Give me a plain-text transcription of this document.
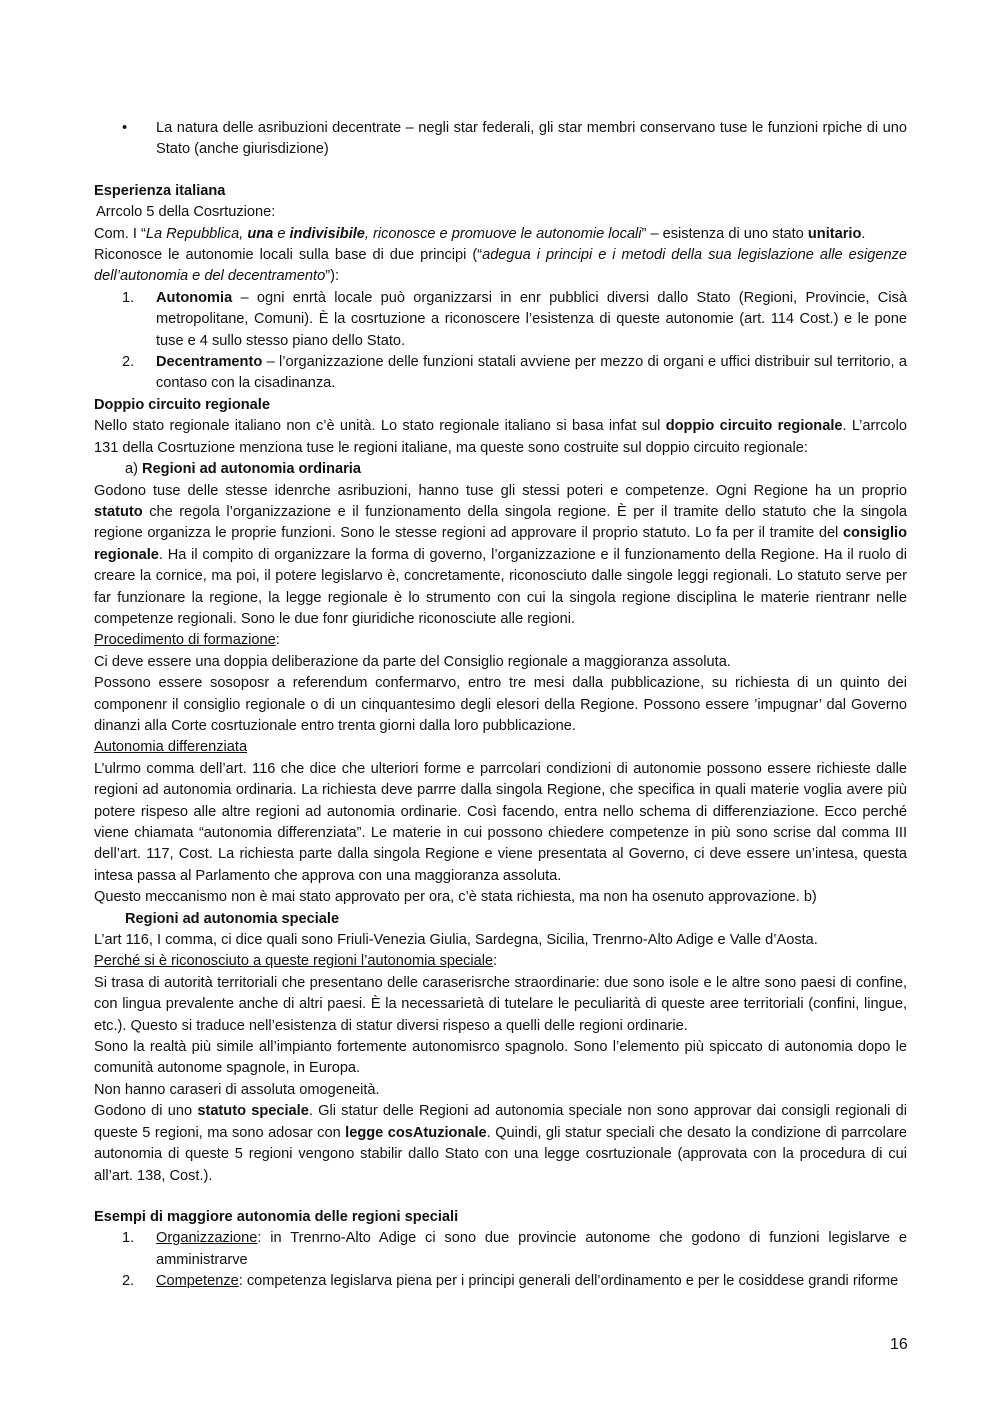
•	La natura delle asribuzioni decentrate – negli star federali, gli star membri conservano tuse le funzioni rpiche di uno Stato (anche giurisdizione)

Esperienza italiana

Arrcolo 5 della Cosrtuzione:

Com. I “La Repubblica, una e indivisibile, riconosce e promuove le autonomie locali” – esistenza di uno stato unitario.

Riconosce le autonomie locali sulla base di due principi (“adegua i principi e i metodi della sua legislazione alle esigenze dell’autonomia e del decentramento”):

1.	Autonomia – ogni enrtà locale può organizzarsi in enr pubblici diversi dallo Stato (Regioni, Provincie, Cisà metropolitane, Comuni). È la cosrtuzione a riconoscere l’esistenza di queste autonomie (art. 114 Cost.) e le pone tuse e 4 sullo stesso piano dello Stato.
2.	Decentramento – l’organizzazione delle funzioni statali avviene per mezzo di organi e uffici distribuir sul territorio, a contaso con la cisadinanza.

Doppio circuito regionale

Nello stato regionale italiano non c’è unità. Lo stato regionale italiano si basa infat sul doppio circuito regionale. L’arrcolo 131 della Cosrtuzione menziona tuse le regioni italiane, ma queste sono costruite sul doppio circuito regionale:

a) Regioni ad autonomia ordinaria

Godono tuse delle stesse idenrche asribuzioni, hanno tuse gli stessi poteri e competenze. Ogni Regione ha un proprio statuto che regola l’organizzazione e il funzionamento della singola regione. È per il tramite dello statuto che la singola regione organizza le proprie funzioni. Sono le stesse regioni ad approvare il proprio statuto. Lo fa per il tramite del consiglio regionale. Ha il compito di organizzare la forma di governo, l’organizzazione e il funzionamento della Regione. Ha il ruolo di creare la cornice, ma poi, il potere legislarvo è, concretamente, riconosciuto dalle singole leggi regionali. Lo statuto serve per far funzionare la regione, la legge regionale è lo strumento con cui la singola regione disciplina le materie rientranr nelle competenze regionali. Sono le due fonr giuridiche riconosciute alle regioni.

Procedimento di formazione:

Ci deve essere una doppia deliberazione da parte del Consiglio regionale a maggioranza assoluta.

Possono essere sosoposr a referendum confermarvo, entro tre mesi dalla pubblicazione, su richiesta di un quinto dei componenr il consiglio regionale o di un cinquantesimo degli elesori della Regione. Possono essere ’impugnar’ dal Governo dinanzi alla Corte cosrtuzionale entro trenta giorni dalla loro pubblicazione.

Autonomia differenziata

L’ulrmo comma dell’art. 116 che dice che ulteriori forme e parrcolari condizioni di autonomie possono essere richieste dalle regioni ad autonomia ordinaria. La richiesta deve parrre dalla singola Regione, che specifica in quali materie voglia avere più potere rispeso alle altre regioni ad autonomia ordinarie. Così facendo, entra nello schema di differenziazione. Ecco perché viene chiamata “autonomia differenziata”. Le materie in cui possono chiedere competenze in più sono scrise dal comma III dell’art. 117, Cost. La richiesta parte dalla singola Regione e viene presentata al Governo, ci deve essere un’intesa, questa intesa passa al Parlamento che approva con una maggioranza assoluta.

Questo meccanismo non è mai stato approvato per ora, c’è stata richiesta, ma non ha osenuto approvazione. b)

Regioni ad autonomia speciale

L’art 116, I comma, ci dice quali sono Friuli-Venezia Giulia, Sardegna, Sicilia, Trenrno-Alto Adige e Valle d’Aosta.

Perché si è riconosciuto a queste regioni l’autonomia speciale:

Si trasa di autorità territoriali che presentano delle caraserisrche straordinarie: due sono isole e le altre sono paesi di confine, con lingua prevalente anche di altri paesi. È la necessarietà di tutelare le peculiarità di queste aree territoriali (confini, lingue, etc.). Questo si traduce nell’esistenza di statur diversi rispeso a quelli delle regioni ordinarie.

Sono la realtà più simile all’impianto fortemente autonomisrco spagnolo. Sono l’elemento più spiccato di autonomia dopo le comunità autonome spagnole, in Europa.

Non hanno caraseri di assoluta omogeneità.

Godono di uno statuto speciale. Gli statur delle Regioni ad autonomia speciale non sono approvar dai consigli regionali di queste 5 regioni, ma sono adosar con legge cosAtuzionale. Quindi, gli statur speciali che desato la condizione di parrcolare autonomia di queste 5 regioni vengono stabilir dallo Stato con una legge cosrtuzionale (approvata con la procedura di cui all’art. 138, Cost.).

Esempi di maggiore autonomia delle regioni speciali

1.	Organizzazione: in Trenrno-Alto Adige ci sono due provincie autonome che godono di funzioni legislarve e amministrarve
2.	Competenze: competenza legislarva piena per i principi generali dell’ordinamento e per le cosiddese grandi riforme
16
